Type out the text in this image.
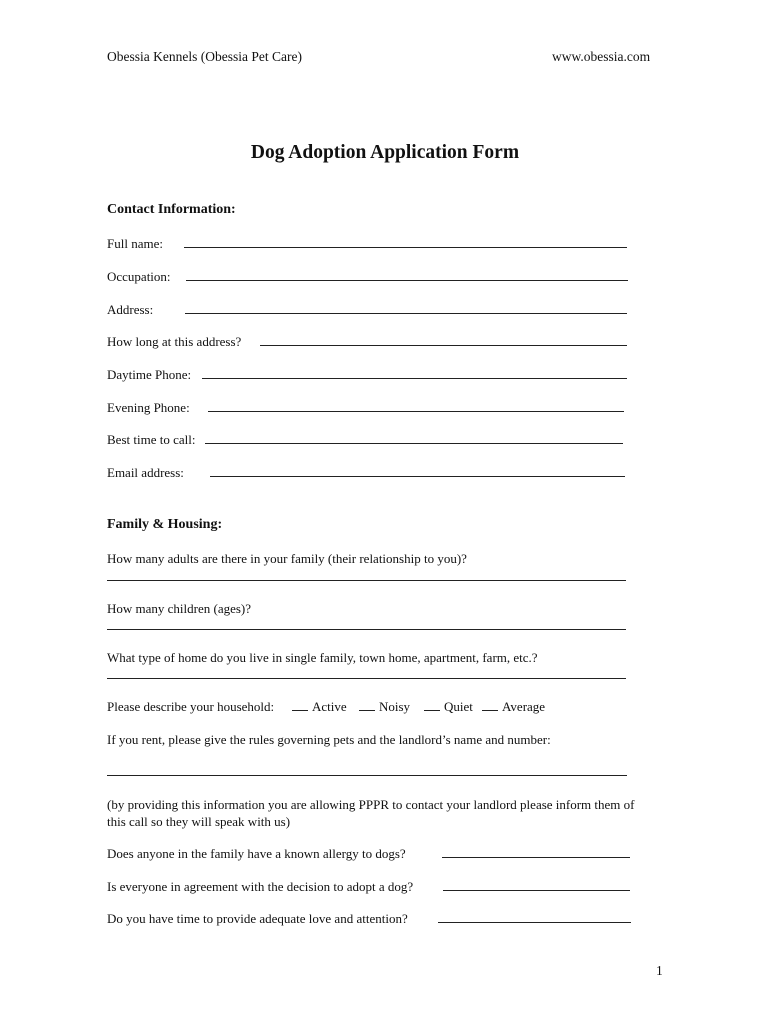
Obessia Kennels (Obessia Pet Care)	www.obessia.com
Dog Adoption Application Form
Contact Information:
Full name:
Occupation:
Address:
How long at this address?
Daytime Phone:
Evening Phone:
Best time to call:
Email address:
Family & Housing:
How many adults are there in your family (their relationship to you)?
How many children (ages)?
What type of home do you live in single family, town home, apartment, farm, etc.?
Please describe your household:	Active	Noisy	Quiet	Average
If you rent, please give the rules governing pets and the landlord’s name and number:
(by providing this information you are allowing PPPR to contact your landlord please inform them of this call so they will speak with us)
Does anyone in the family have a known allergy to dogs?
Is everyone in agreement with the decision to adopt a dog?
Do you have time to provide adequate love and attention?
1
